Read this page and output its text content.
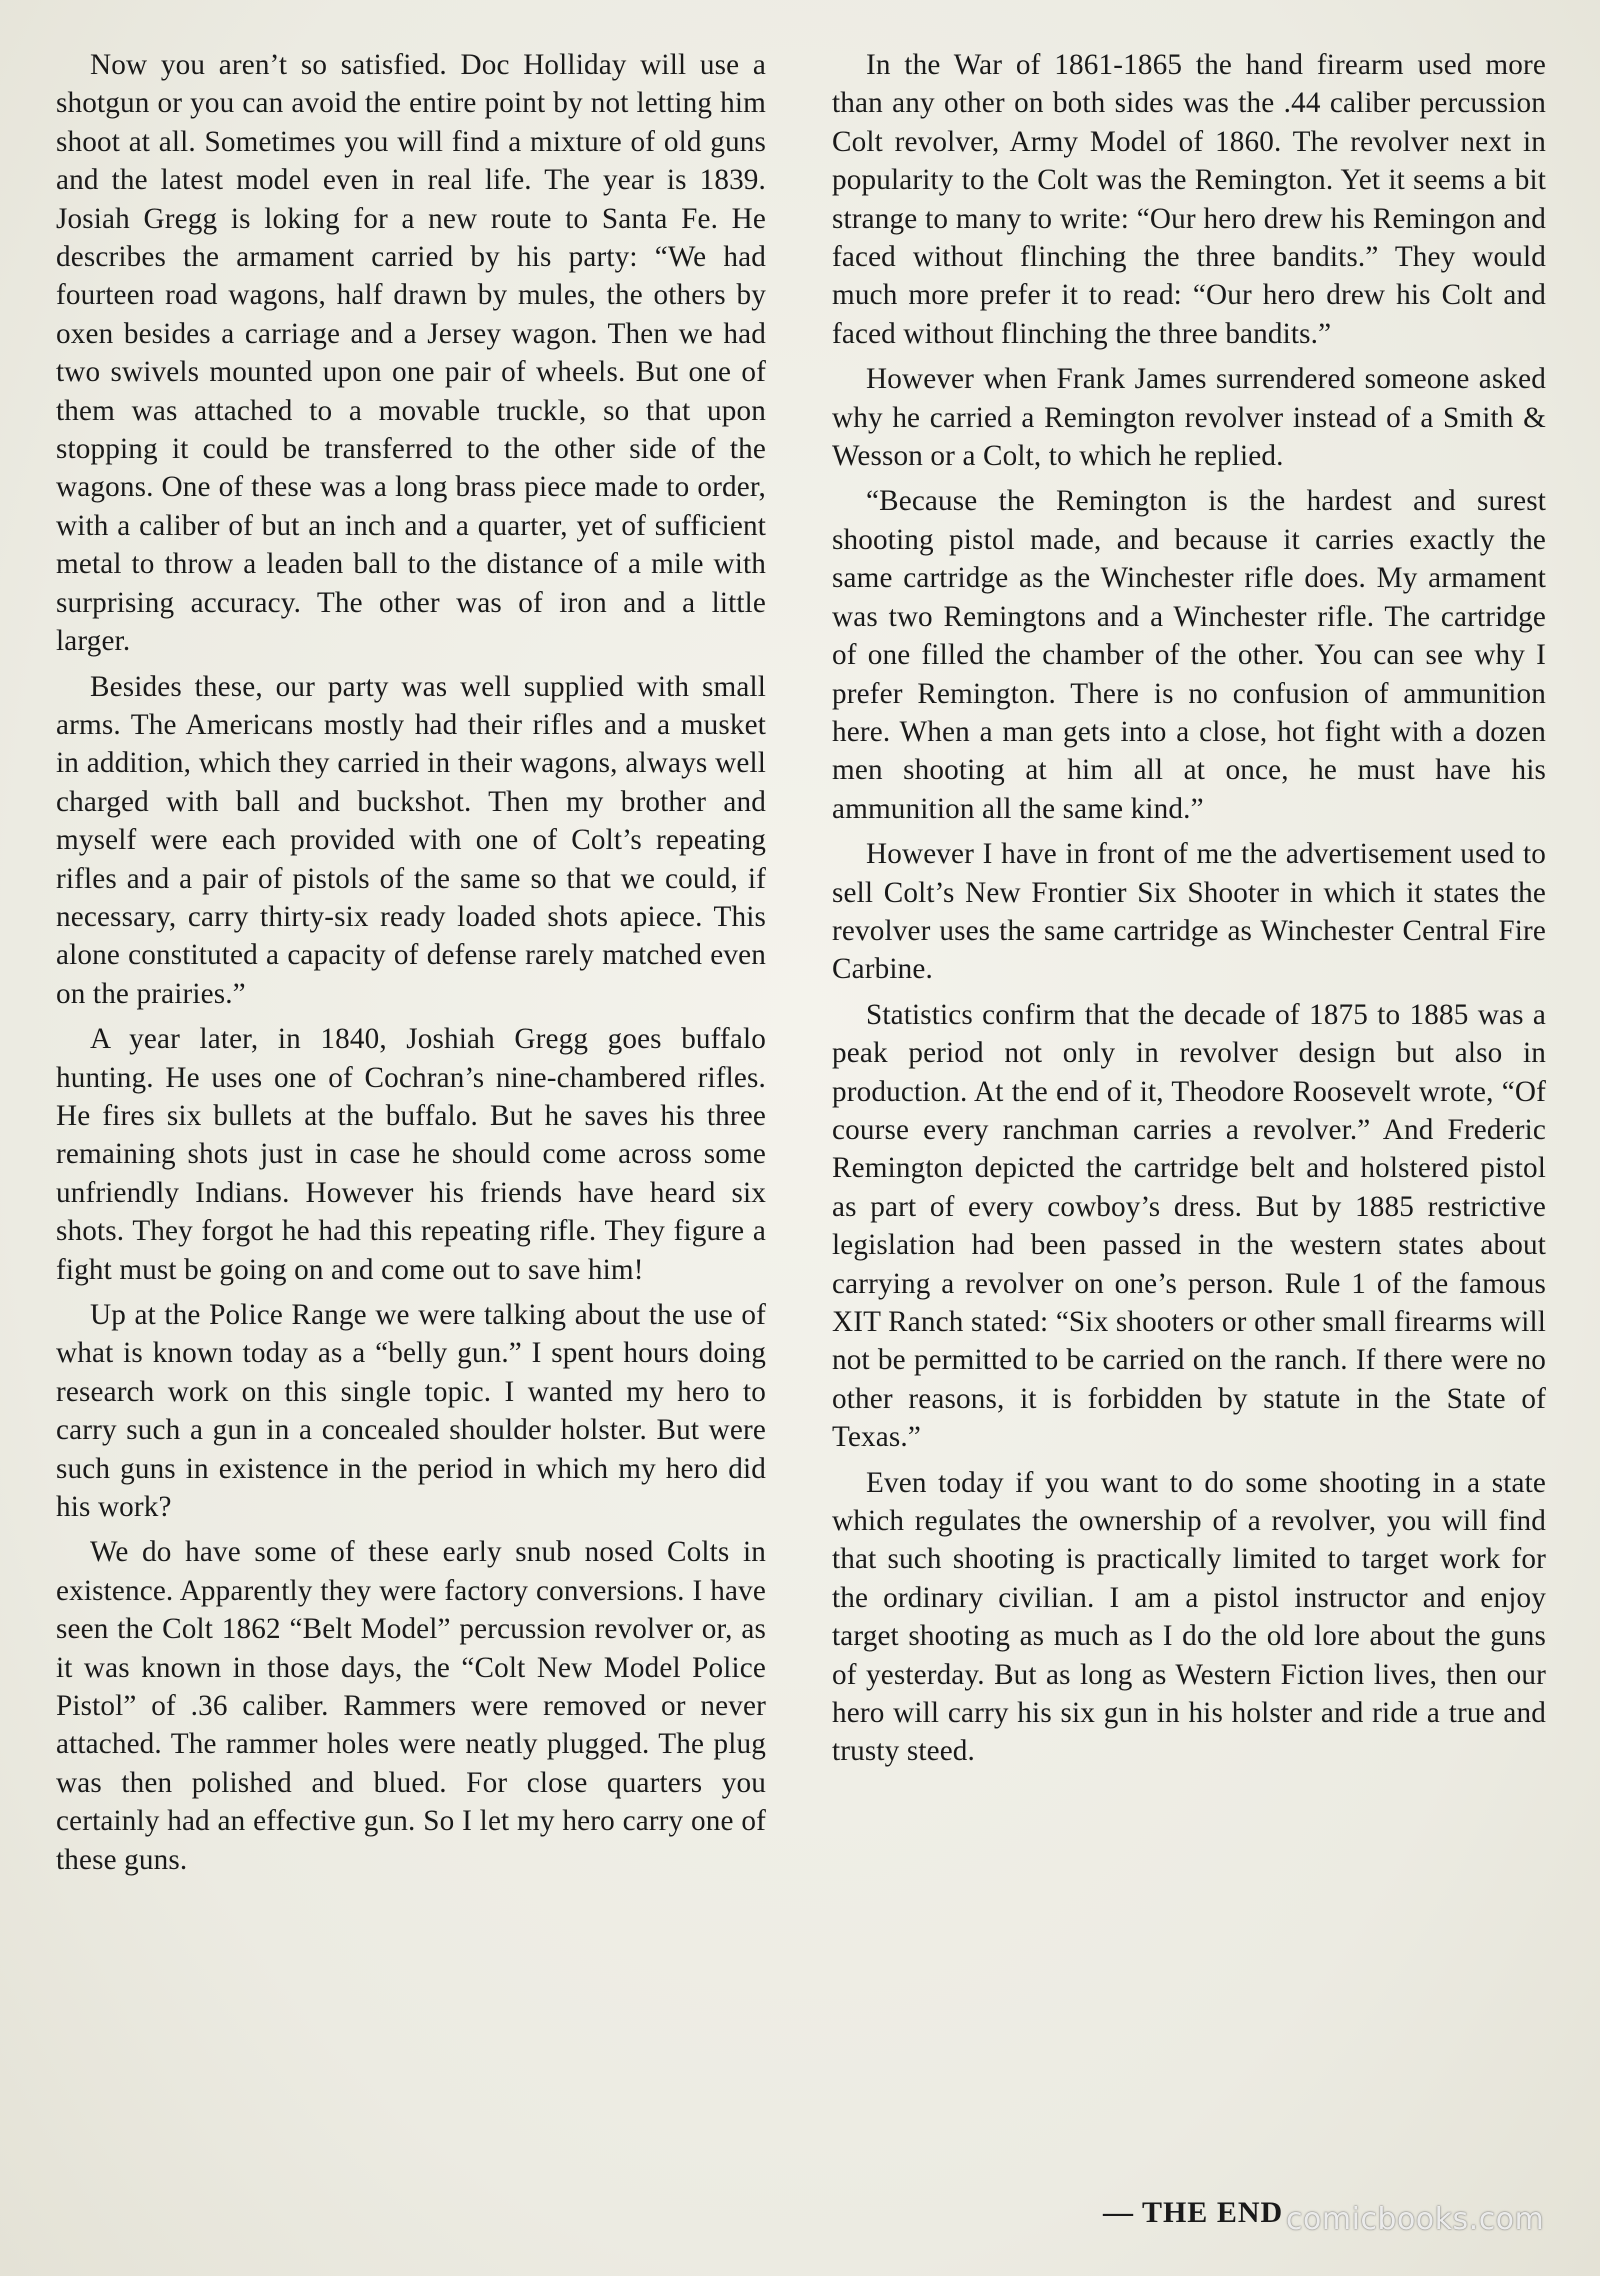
Now you aren’t so satisfied. Doc Holliday will use a shotgun or you can avoid the entire point by not letting him shoot at all. Sometimes you will find a mixture of old guns and the latest model even in real life. The year is 1839. Josiah Gregg is loking for a new route to Santa Fe. He describes the armament carried by his party: “We had fourteen road wagons, half drawn by mules, the others by oxen besides a carriage and a Jersey wagon. Then we had two swivels mounted upon one pair of wheels. But one of them was attached to a movable truckle, so that upon stopping it could be transferred to the other side of the wagons. One of these was a long brass piece made to order, with a caliber of but an inch and a quarter, yet of sufficient metal to throw a leaden ball to the distance of a mile with surprising accuracy. The other was of iron and a little larger.

Besides these, our party was well supplied with small arms. The Americans mostly had their rifles and a musket in addition, which they carried in their wagons, always well charged with ball and buckshot. Then my brother and myself were each provided with one of Colt’s repeating rifles and a pair of pistols of the same so that we could, if necessary, carry thirty-six ready loaded shots apiece. This alone constituted a capacity of defense rarely matched even on the prairies.”

A year later, in 1840, Joshiah Gregg goes buffalo hunting. He uses one of Cochran’s nine-chambered rifles. He fires six bullets at the buffalo. But he saves his three remaining shots just in case he should come across some unfriendly Indians. However his friends have heard six shots. They forgot he had this repeating rifle. They figure a fight must be going on and come out to save him!

Up at the Police Range we were talking about the use of what is known today as a “belly gun.” I spent hours doing research work on this single topic. I wanted my hero to carry such a gun in a concealed shoulder holster. But were such guns in existence in the period in which my hero did his work?

We do have some of these early snub nosed Colts in existence. Apparently they were factory conversions. I have seen the Colt 1862 “Belt Model” percussion revolver or, as it was known in those days, the “Colt New Model Police Pistol” of .36 caliber. Rammers were removed or never attached. The rammer holes were neatly plugged. The plug was then polished and blued. For close quarters you certainly had an effective gun. So I let my hero carry one of these guns.

In the War of 1861-1865 the hand firearm used more than any other on both sides was the .44 caliber percussion Colt revolver, Army Model of 1860. The revolver next in popularity to the Colt was the Remington. Yet it seems a bit strange to many to write: “Our hero drew his Remingon and faced without flinching the three bandits.” They would much more prefer it to read: “Our hero drew his Colt and faced without flinching the three bandits.”

However when Frank James surrendered someone asked why he carried a Remington revolver instead of a Smith & Wesson or a Colt, to which he replied.

“Because the Remington is the hardest and surest shooting pistol made, and because it carries exactly the same cartridge as the Winchester rifle does. My armament was two Remingtons and a Winchester rifle. The cartridge of one filled the chamber of the other. You can see why I prefer Remington. There is no confusion of ammunition here. When a man gets into a close, hot fight with a dozen men shooting at him all at once, he must have his ammunition all the same kind.”

However I have in front of me the advertisement used to sell Colt’s New Frontier Six Shooter in which it states the revolver uses the same cartridge as Winchester Central Fire Carbine.

Statistics confirm that the decade of 1875 to 1885 was a peak period not only in revolver design but also in production. At the end of it, Theodore Roosevelt wrote, “Of course every ranchman carries a revolver.” And Frederic Remington depicted the cartridge belt and holstered pistol as part of every cowboy’s dress. But by 1885 restrictive legislation had been passed in the western states about carrying a revolver on one’s person. Rule 1 of the famous XIT Ranch stated: “Six shooters or other small firearms will not be permitted to be carried on the ranch. If there were no other reasons, it is forbidden by statute in the State of Texas.”

Even today if you want to do some shooting in a state which regulates the ownership of a revolver, you will find that such shooting is practically limited to target work for the ordinary civilian. I am a pistol instructor and enjoy target shooting as much as I do the old lore about the guns of yesterday. But as long as Western Fiction lives, then our hero will carry his six gun in his holster and ride a true and trusty steed.

— THE END comicbooks.com
